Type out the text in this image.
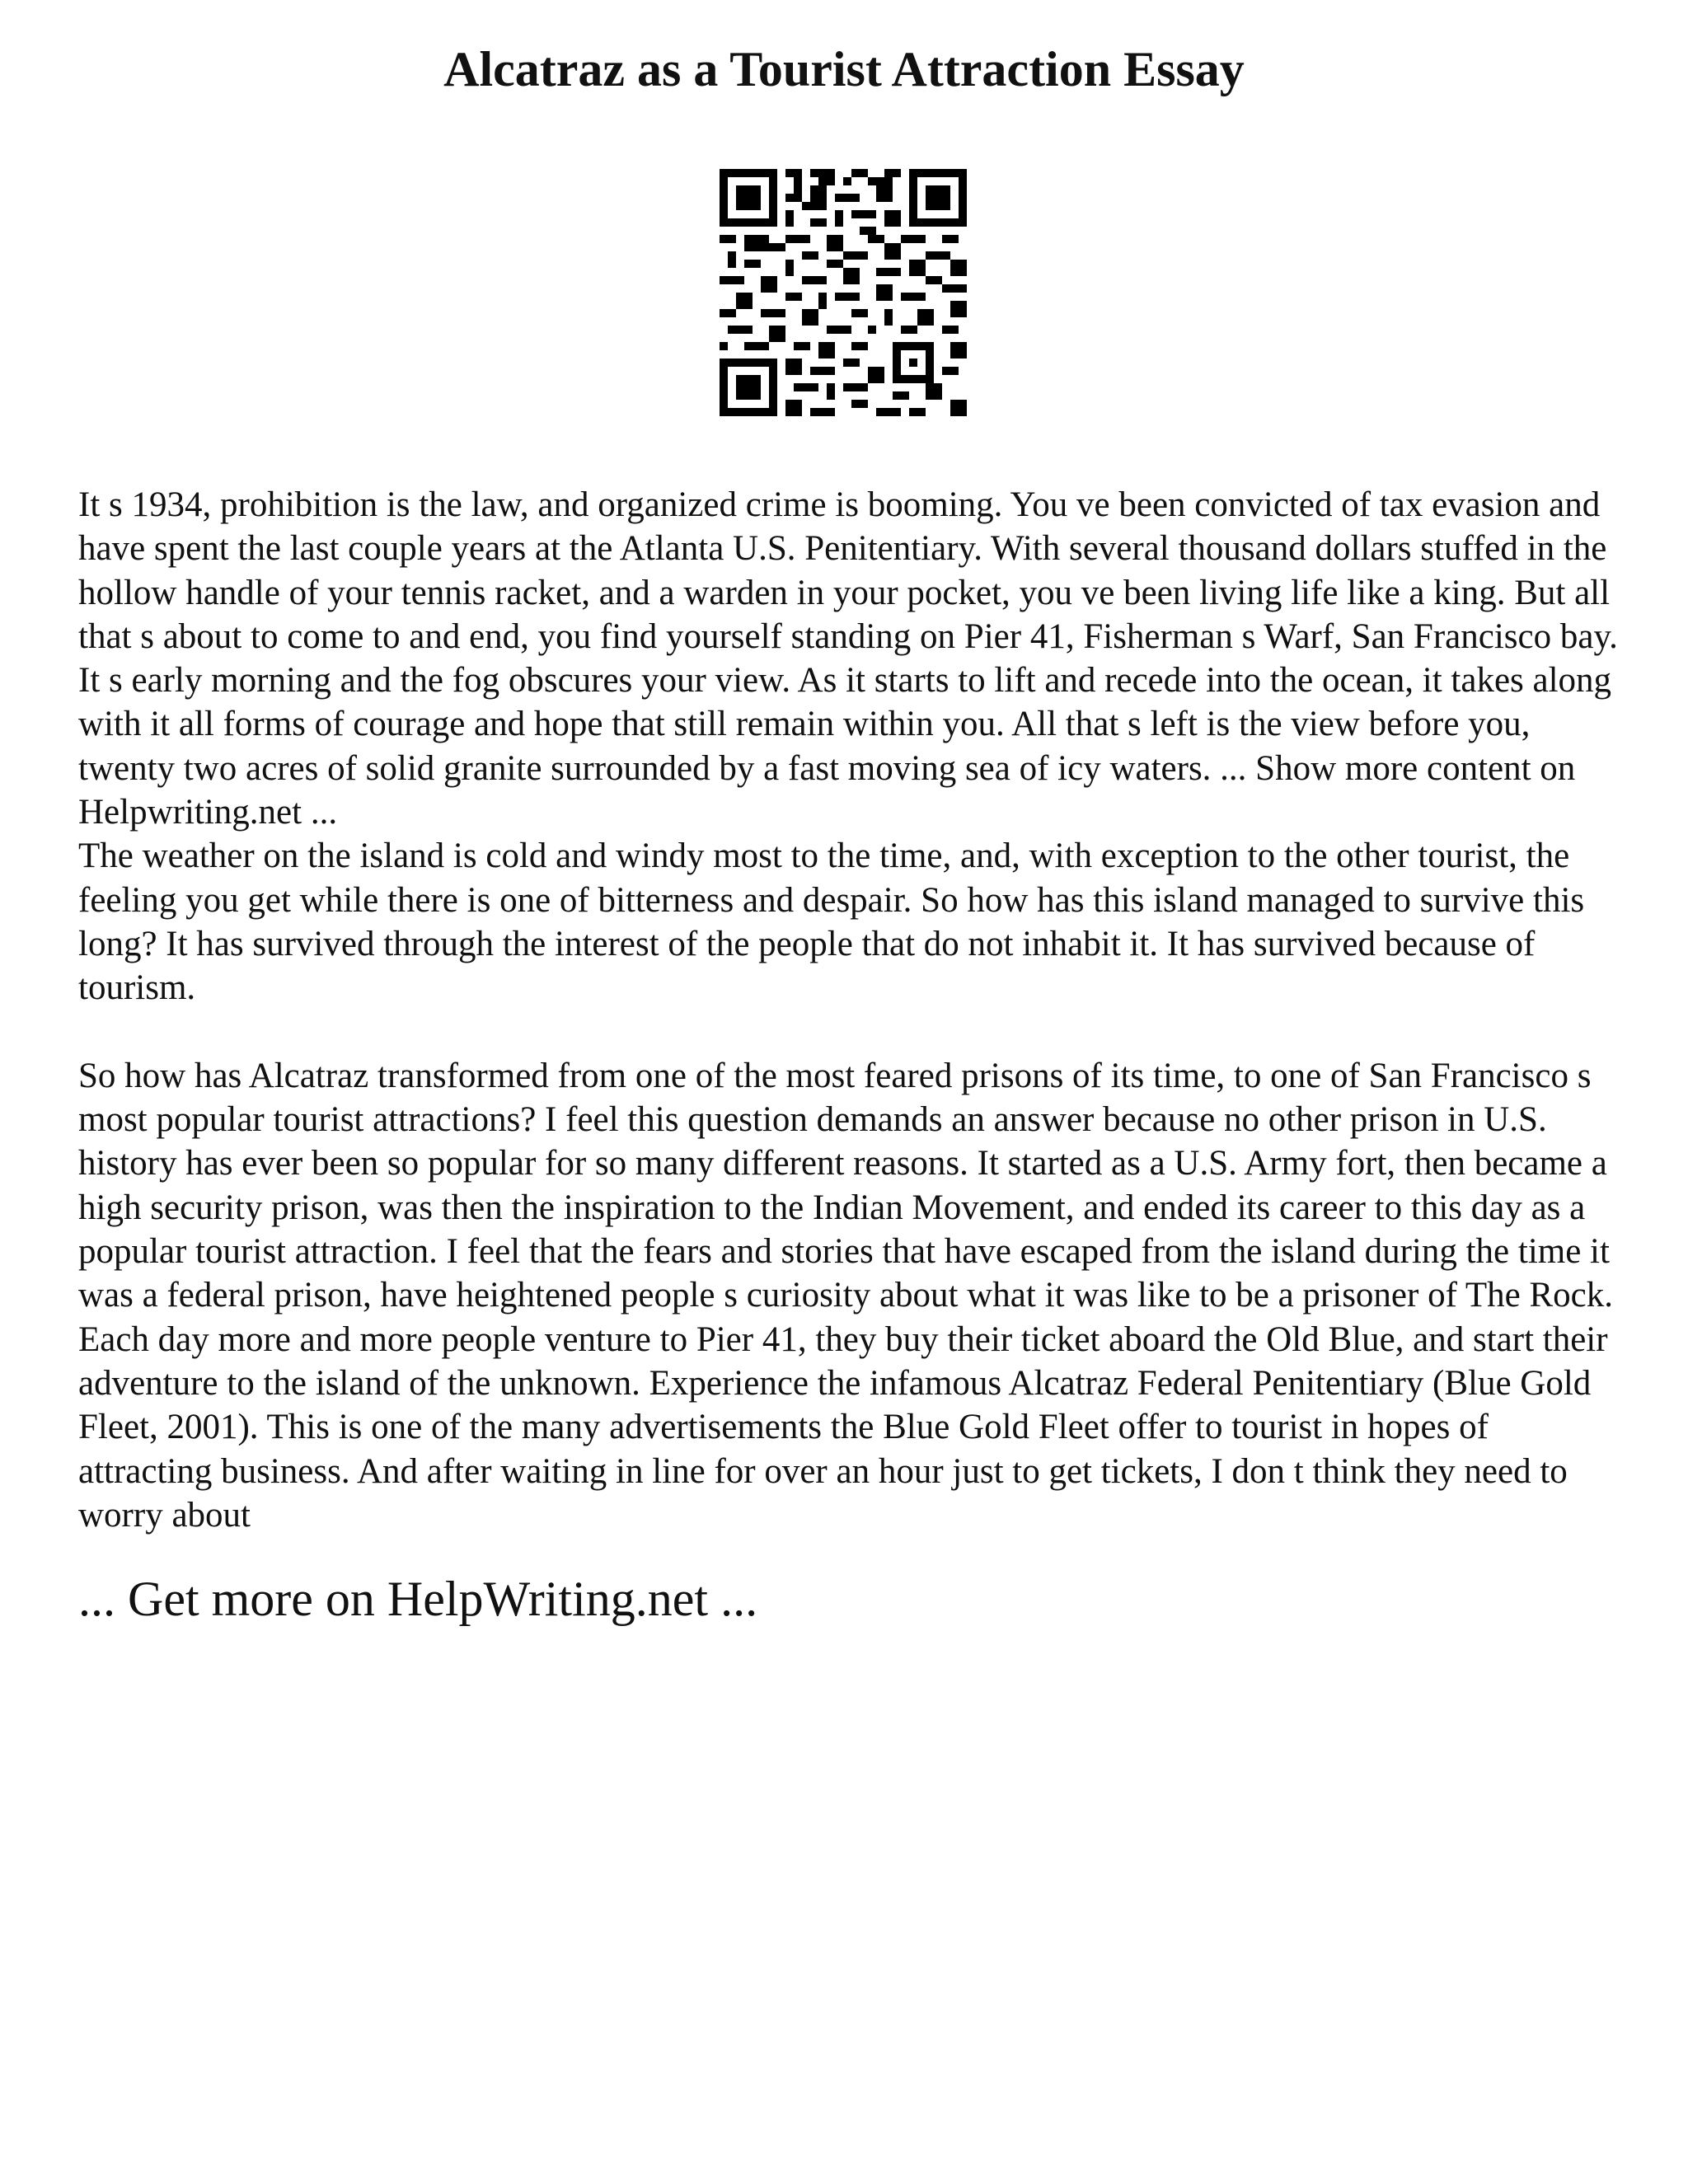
Alcatraz as a Tourist Attraction Essay

It s 1934, prohibition is the law, and organized crime is booming. You ve been convicted of tax evasion and have spent the last couple years at the Atlanta U.S. Penitentiary. With several thousand dollars stuffed in the hollow handle of your tennis racket, and a warden in your pocket, you ve been living life like a king. But all that s about to come to and end, you find yourself standing on Pier 41, Fisherman s Warf, San Francisco bay. It s early morning and the fog obscures your view. As it starts to lift and recede into the ocean, it takes along with it all forms of courage and hope that still remain within you. All that s left is the view before you, twenty two acres of solid granite surrounded by a fast moving sea of icy waters. ... Show more content on Helpwriting.net ...

The weather on the island is cold and windy most to the time, and, with exception to the other tourist, the feeling you get while there is one of bitterness and despair. So how has this island managed to survive this long? It has survived through the interest of the people that do not inhabit it. It has survived because of tourism.

So how has Alcatraz transformed from one of the most feared prisons of its time, to one of San Francisco s most popular tourist attractions? I feel this question demands an answer because no other prison in U.S. history has ever been so popular for so many different reasons. It started as a U.S. Army fort, then became a high security prison, was then the inspiration to the Indian Movement, and ended its career to this day as a popular tourist attraction. I feel that the fears and stories that have escaped from the island during the time it was a federal prison, have heightened people s curiosity about what it was like to be a prisoner of The Rock. Each day more and more people venture to Pier 41, they buy their ticket aboard the Old Blue, and start their adventure to the island of the unknown. Experience the infamous Alcatraz Federal Penitentiary (Blue Gold Fleet, 2001). This is one of the many advertisements the Blue Gold Fleet offer to tourist in hopes of attracting business. And after waiting in line for over an hour just to get tickets, I don t think they need to worry about

... Get more on HelpWriting.net ...
